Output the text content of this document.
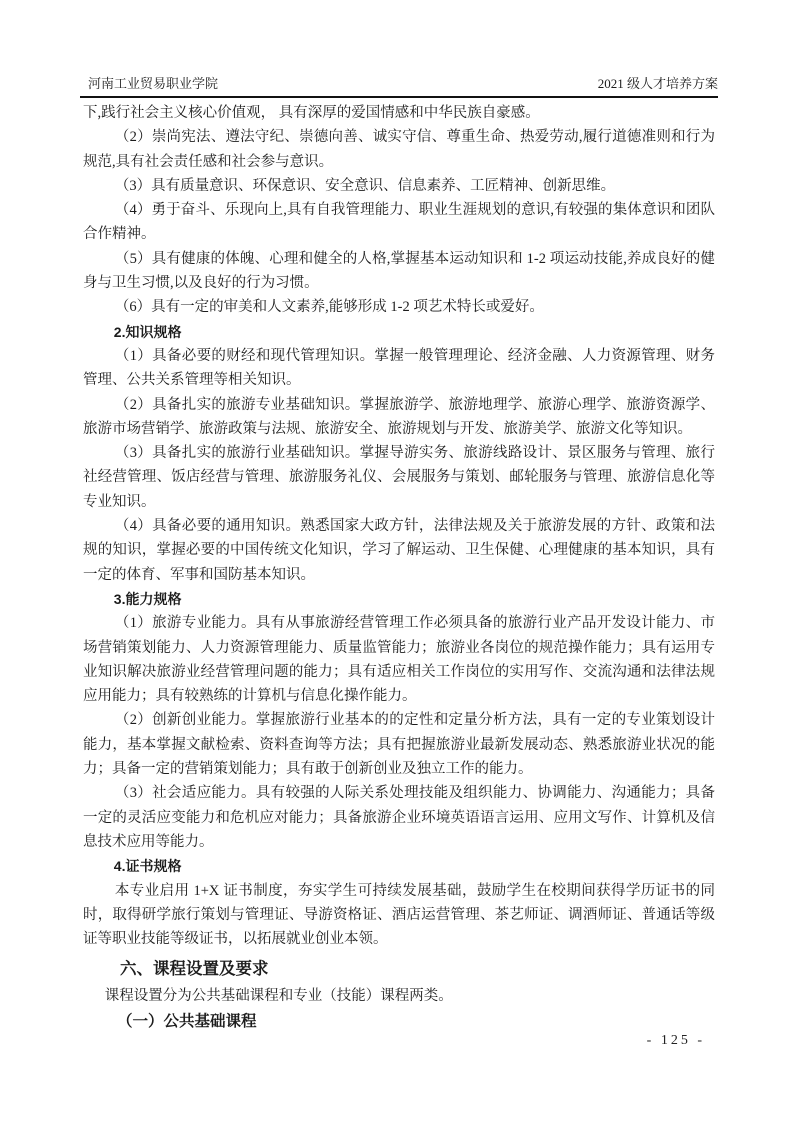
河南工业贸易职业学院	2021 级人才培养方案

下,践行社会主义核心价值观， 具有深厚的爱国情感和中华民族自豪感。

（2）崇尚宪法、遵法守纪、崇德向善、诚实守信、尊重生命、热爱劳动,履行道德准则和行为规范,具有社会责任感和社会参与意识。

（3）具有质量意识、环保意识、安全意识、信息素养、工匠精神、创新思维。

（4）勇于奋斗、乐现向上,具有自我管理能力、职业生涯规划的意识,有较强的集体意识和团队合作精神。

（5）具有健康的体魄、心理和健全的人格,掌握基本运动知识和 1-2 项运动技能,养成良好的健身与卫生习惯,以及良好的行为习惯。

（6）具有一定的审美和人文素养,能够形成 1-2 项艺术特长或爱好。

2.知识规格

（1）具备必要的财经和现代管理知识。掌握一般管理理论、经济金融、人力资源管理、财务管理、公共关系管理等相关知识。

（2）具备扎实的旅游专业基础知识。掌握旅游学、旅游地理学、旅游心理学、旅游资源学、旅游市场营销学、旅游政策与法规、旅游安全、旅游规划与开发、旅游美学、旅游文化等知识。

（3）具备扎实的旅游行业基础知识。掌握导游实务、旅游线路设计、景区服务与管理、旅行社经营管理、饭店经营与管理、旅游服务礼仪、会展服务与策划、邮轮服务与管理、旅游信息化等专业知识。

（4）具备必要的通用知识。熟悉国家大政方针，法律法规及关于旅游发展的方针、政策和法规的知识，掌握必要的中国传统文化知识，学习了解运动、卫生保健、心理健康的基本知识，具有一定的体育、军事和国防基本知识。

3.能力规格

（1）旅游专业能力。具有从事旅游经营管理工作必须具备的旅游行业产品开发设计能力、市场营销策划能力、人力资源管理能力、质量监管能力；旅游业各岗位的规范操作能力；具有运用专业知识解决旅游业经营管理问题的能力；具有适应相关工作岗位的实用写作、交流沟通和法律法规应用能力；具有较熟练的计算机与信息化操作能力。

（2）创新创业能力。掌握旅游行业基本的的定性和定量分析方法，具有一定的专业策划设计能力，基本掌握文献检索、资料查询等方法；具有把握旅游业最新发展动态、熟悉旅游业状况的能力；具备一定的营销策划能力；具有敢于创新创业及独立工作的能力。

（3）社会适应能力。具有较强的人际关系处理技能及组织能力、协调能力、沟通能力；具备一定的灵活应变能力和危机应对能力；具备旅游企业环境英语语言运用、应用文写作、计算机及信息技术应用等能力。

4.证书规格

本专业启用 1+X 证书制度，夯实学生可持续发展基础，鼓励学生在校期间获得学历证书的同时，取得研学旅行策划与管理证、导游资格证、酒店运营管理、茶艺师证、调酒师证、普通话等级证等职业技能等级证书，以拓展就业创业本领。

六、课程设置及要求

课程设置分为公共基础课程和专业（技能）课程两类。

（一）公共基础课程

- 125 -
